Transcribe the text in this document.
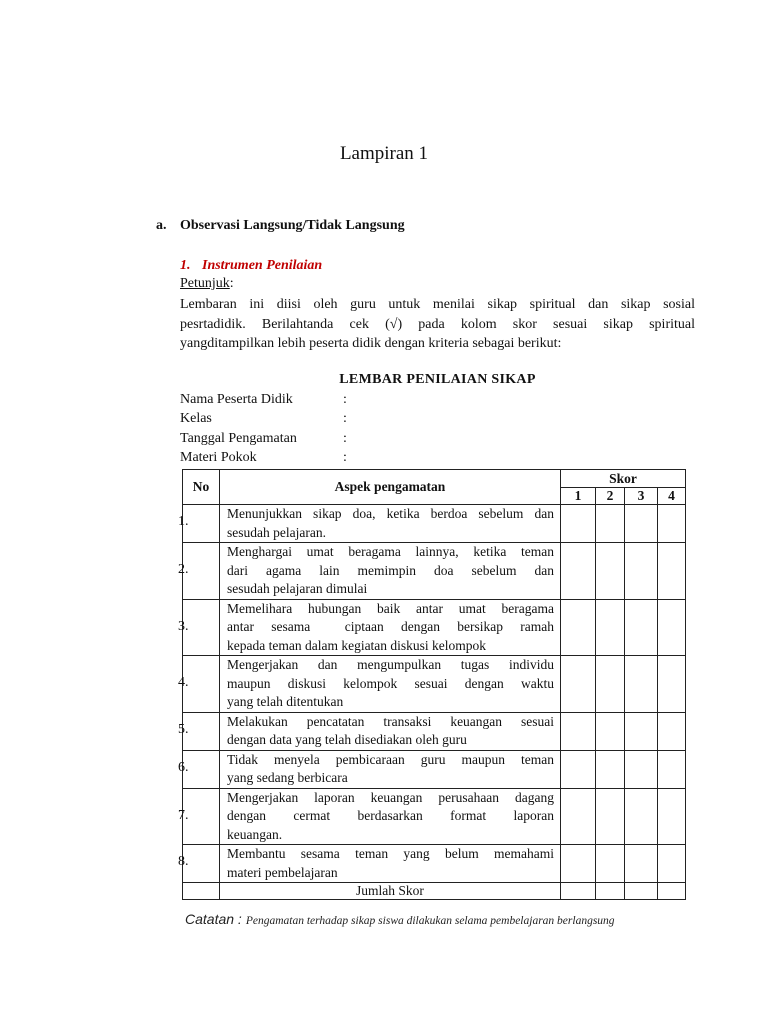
Lampiran 1
a. Observasi Langsung/Tidak Langsung
1. Instrumen Penilaian
Petunjuk:
Lembaran ini diisi oleh guru untuk menilai sikap spiritual dan sikap sosial
pesrtadidik. Berilahtanda cek (√) pada kolom skor sesuai sikap spiritual
yangditampilkan lebih peserta didik dengan kriteria sebagai berikut:
LEMBAR PENILAIAN SIKAP
Nama Peserta Didik	:
Kelas	:
Tanggal Pengamatan	:
Materi Pokok	:
No	Aspek pengamatan	Skor			
		1	2	3	4

1.	Menunjukkan sikap doa, ketika berdoa sebelum dan
sesudah pelajaran.				

2.	Menghargai umat beragama lainnya, ketika teman
dari agama lain memimpin doa sebelum dan
sesudah pelajaran dimulai				

3.	Memelihara hubungan baik antar umat beragama
antar sesama  ciptaan dengan bersikap ramah
kepada teman dalam kegiatan diskusi kelompok				

4.	Mengerjakan dan mengumpulkan tugas individu
maupun diskusi kelompok sesuai dengan waktu
yang telah ditentukan				

5.	Melakukan pencatatan transaksi keuangan sesuai
dengan data yang telah disediakan oleh guru				

6.	Tidak menyela pembicaraan guru maupun teman
yang sedang berbicara				

7.	Mengerjakan laporan keuangan perusahaan dagang
dengan cermat berdasarkan format laporan
keuangan.				

8.	Membantu sesama teman yang belum memahami
materi pembelajaran				

	Jumlah Skor				
Catatan : Pengamatan terhadap sikap siswa dilakukan selama pembelajaran berlangsung
